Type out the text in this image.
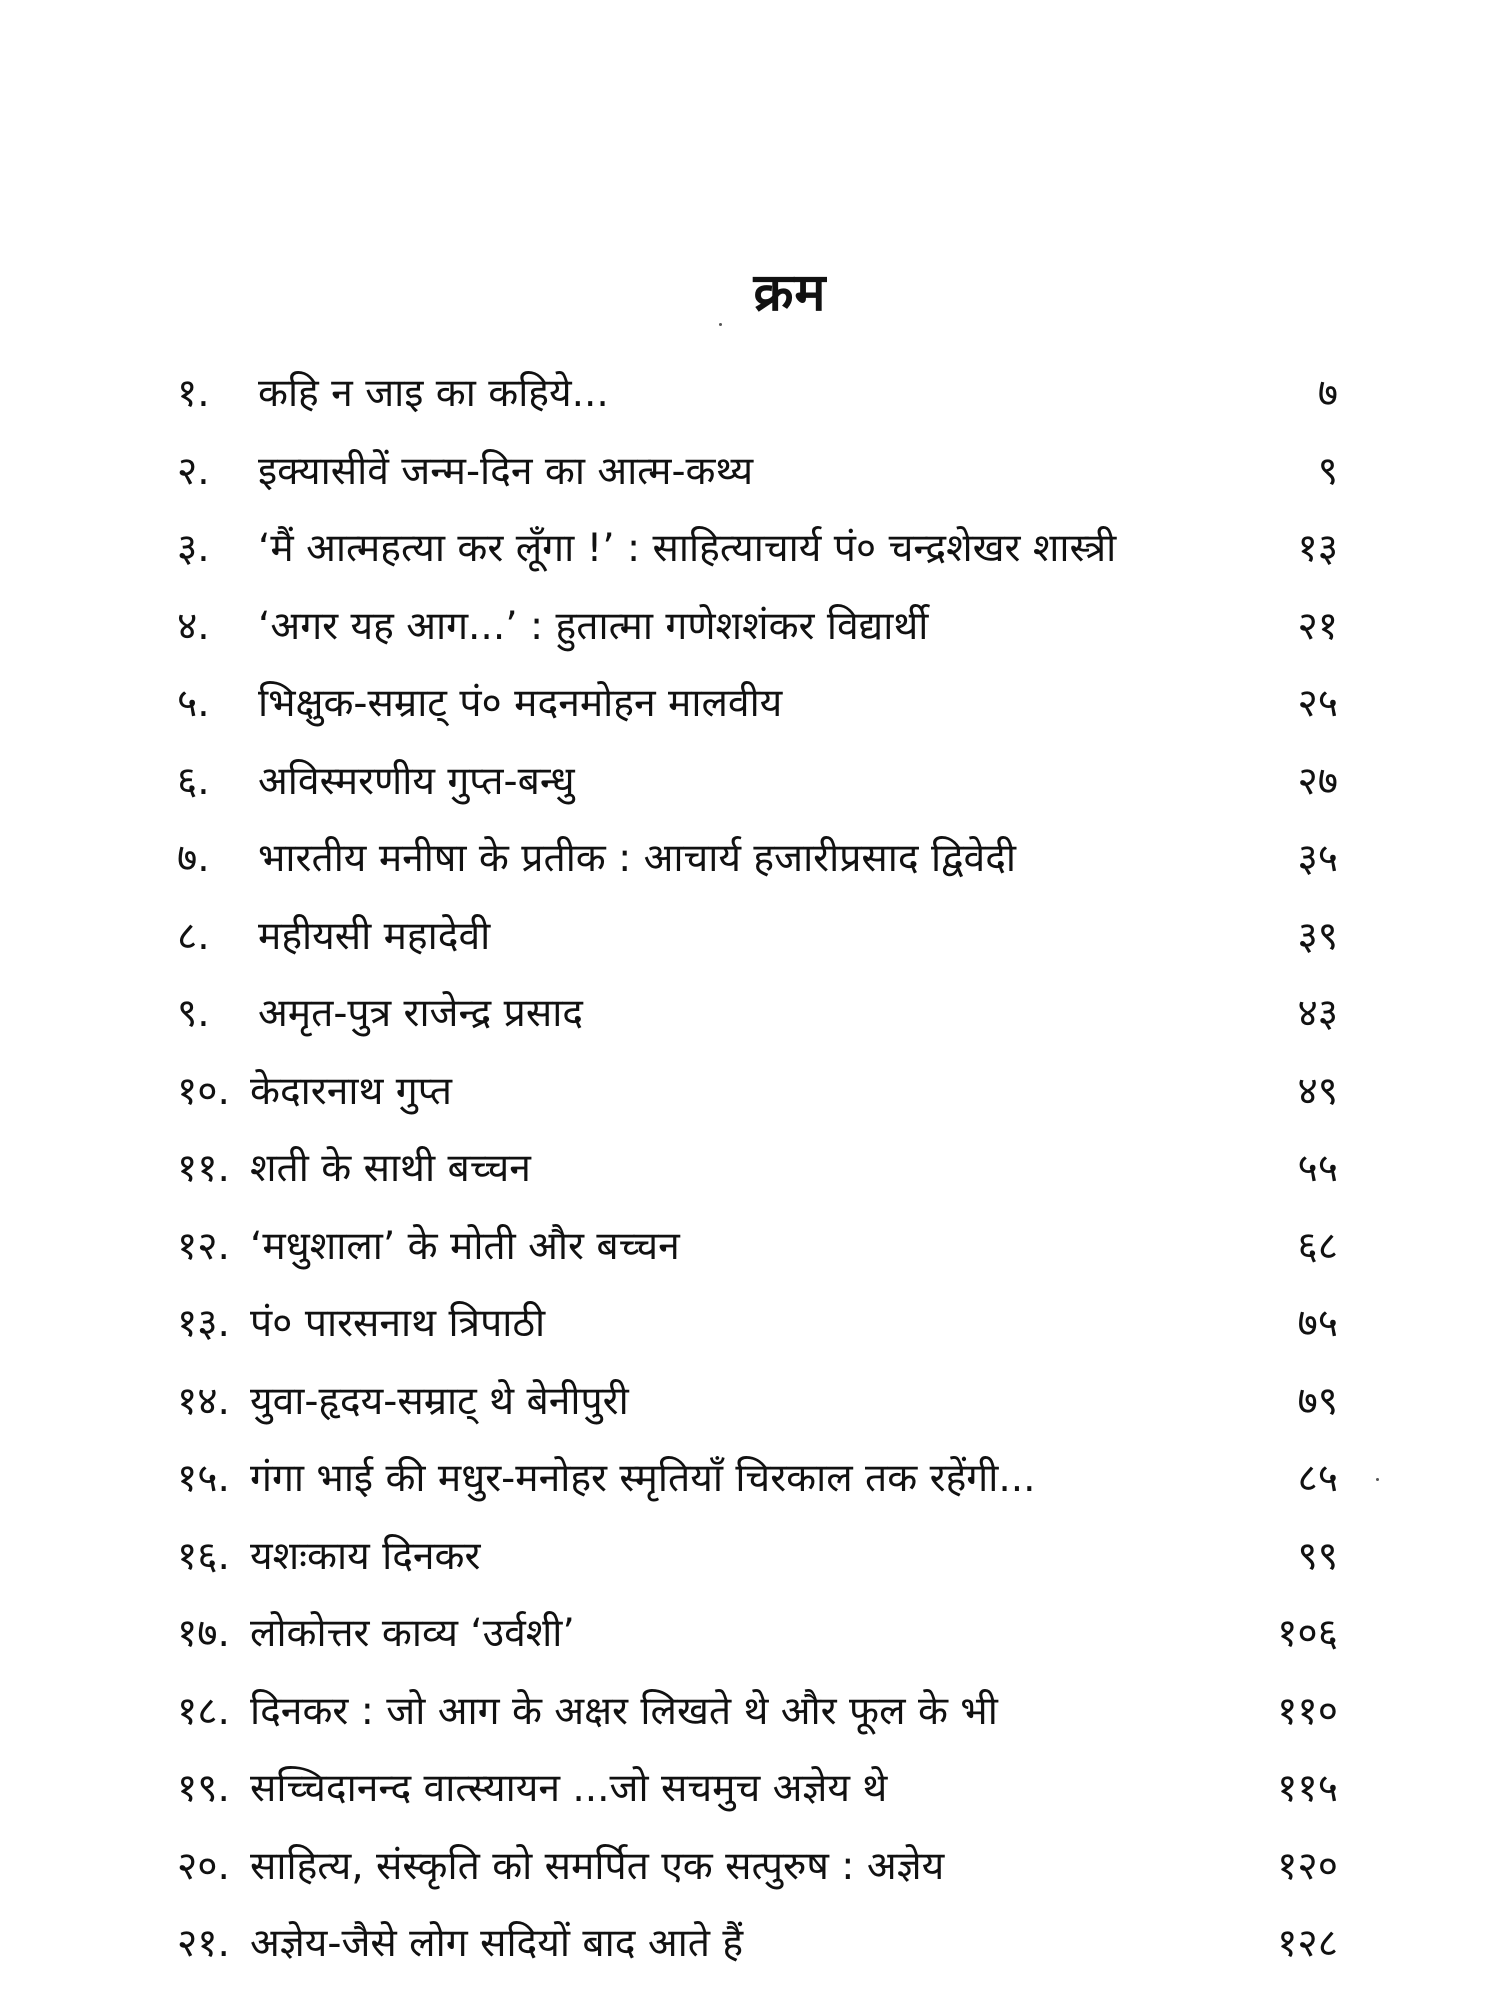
क्रम
१. कहि न जाइ का कहिये...	७
२. इक्यासीवें जन्म-दिन का आत्म-कथ्य	९
३. ‘मैं आत्महत्या कर लूँगा !’ : साहित्याचार्य पं० चन्द्रशेखर शास्त्री	१३
४. ‘अगर यह आग...’ : हुतात्मा गणेशशंकर विद्यार्थी	२१
५. भिक्षुक-सम्राट् पं० मदनमोहन मालवीय	२५
६. अविस्मरणीय गुप्त-बन्धु	२७
७. भारतीय मनीषा के प्रतीक : आचार्य हजारीप्रसाद द्विवेदी	३५
८. महीयसी महादेवी	३९
९. अमृत-पुत्र राजेन्द्र प्रसाद	४३
१०. केदारनाथ गुप्त	४९
११. शती के साथी बच्चन	५५
१२. ‘मधुशाला’ के मोती और बच्चन	६८
१३. पं० पारसनाथ त्रिपाठी	७५
१४. युवा-हृदय-सम्राट् थे बेनीपुरी	७९
१५. गंगा भाई की मधुर-मनोहर स्मृतियाँ चिरकाल तक रहेंगी...	८५
१६. यशःकाय दिनकर	९९
१७. लोकोत्तर काव्य ‘उर्वशी’	१०६
१८. दिनकर : जो आग के अक्षर लिखते थे और फूल के भी	११०
१९. सच्चिदानन्द वात्स्यायन ...जो सचमुच अज्ञेय थे	११५
२०. साहित्य, संस्कृति को समर्पित एक सत्पुरुष : अज्ञेय	१२०
२१. अज्ञेय-जैसे लोग सदियों बाद आते हैं	१२८
